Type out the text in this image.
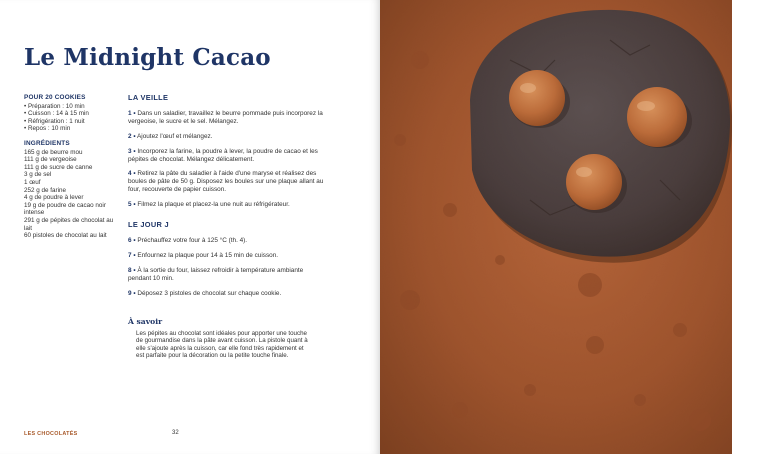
Le Midnight Cacao
POUR 20 COOKIES
• Préparation : 10 min
• Cuisson : 14 à 15 min
• Réfrigération : 1 nuit
• Repos : 10 min
INGRÉDIENTS
165 g de beurre mou
111 g de vergeoise
111 g de sucre de canne
3 g de sel
1 œuf
252 g de farine
4 g de poudre à lever
19 g de poudre de cacao noir intense
291 g de pépites de chocolat au lait
60 pistoles de chocolat au lait
LA VEILLE
1 • Dans un saladier, travaillez le beurre pommade puis incorporez la vergeoise, le sucre et le sel. Mélangez.
2 • Ajoutez l'œuf et mélangez.
3 • Incorporez la farine, la poudre à lever, la poudre de cacao et les pépites de chocolat. Mélangez délicatement.
4 • Retirez la pâte du saladier à l'aide d'une maryse et réalisez des boules de pâte de 50 g. Disposez les boules sur une plaque allant au four, recouverte de papier cuisson.
5 • Filmez la plaque et placez-la une nuit au réfrigérateur.
LE JOUR J
6 • Préchauffez votre four à 125 °C (th. 4).
7 • Enfournez la plaque pour 14 à 15 min de cuisson.
8 • À la sortie du four, laissez refroidir à température ambiante pendant 10 min.
9 • Déposez 3 pistoles de chocolat sur chaque cookie.
À savoir
Les pépites au chocolat sont idéales pour apporter une touche de gourmandise dans la pâte avant cuisson. La pistole quant à elle s'ajoute après la cuisson, car elle fond très rapidement et est parfaite pour la décoration ou la petite touche finale.
LES CHOCOLATÉS	32
